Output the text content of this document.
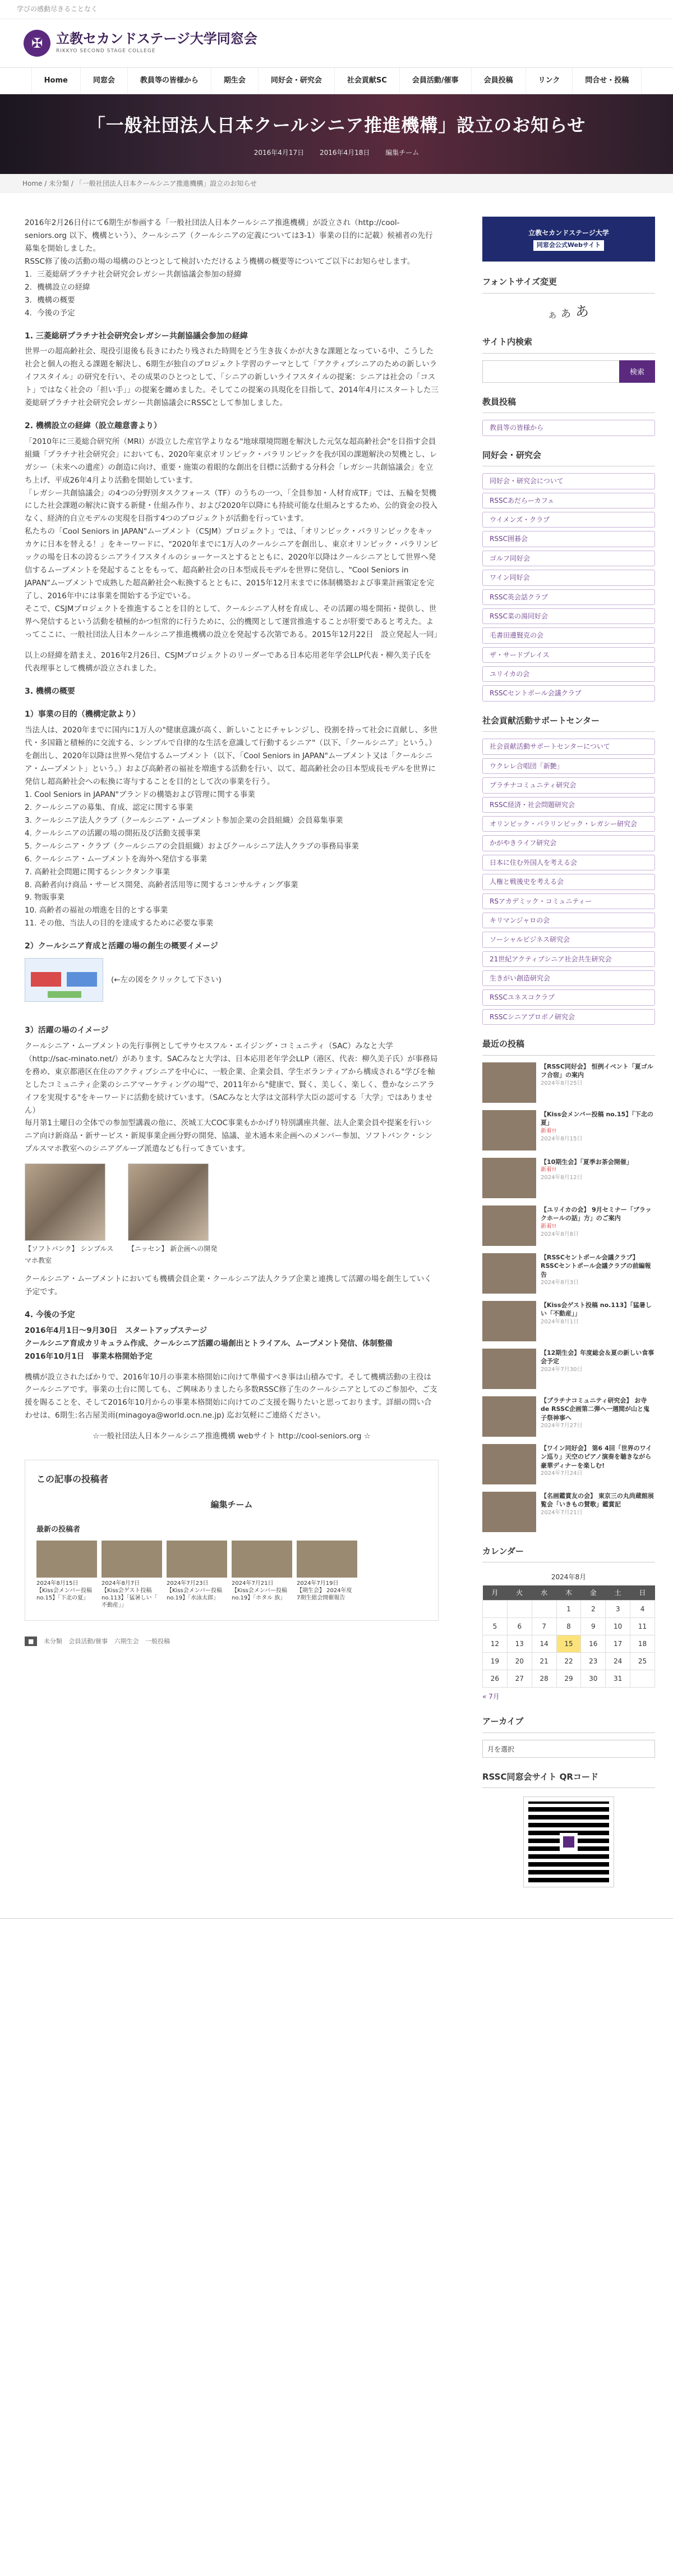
学びの感動尽きることなく
✠ 立教セカンドステージ大学同窓会
RIKKYO SECOND STAGE COLLEGE
Home	同窓会	教員等の皆様から	期生会	同好会・研究会	社会貢献SC	会員活動/催事	会員投稿	リンク	問合せ・投稿
「一般社団法人日本クールシニア推進機構」設立のお知らせ
2016年4月17日 2016年4月18日 編集チーム
Home / 未分類 / 「一般社団法人日本クールシニア推進機構」設立のお知らせ

2016年2月26日付にて6期生が参画する「一般社団法人日本クールシニア推進機構」が設立され（http://cool-seniors.org 以下、機構という）、クールシニア（クールシニアの定義については3-1）事業の目的に記載）候補者の先行募集を開始しました。
RSSC修了後の活動の場の場構のひとつとして検討いただけるよう機構の概要等についてご以下にお知らせします。
1．三菱総研プラチナ社会研究会レガシー共創協議会参加の経緯
2．機構設立の経緯
3．機構の概要
4．今後の予定

1. 三菱総研プラチナ社会研究会レガシー共創協議会参加の経緯

世界一の超高齢社会、現役引退後も長きにわたり残された時間をどう生き抜くかが大きな課題となっている中、こうした社会と個人の抱える課題を解決し、6期生が独自のプロジェクト学習のテーマとして「アクティブシニアのための新しいライフスタイル」の研究を行い、その成果のひとつとして、「シニアの新しいライフスタイルの提案：シニアは社会の「コスト」ではなく社会の「担い手」」の提案を纏めました。そしてこの提案の具現化を目指して、2014年4月にスタートした三菱総研プラチナ社会研究会レガシー共創協議会にRSSCとして参加しました。

2. 機構設立の経緯（設立趣意書より）

「2010年に三菱総合研究所（MRI）が設立した産官学よりなる"地球環境問題を解決した元気な超高齢社会"を目指す会員組織「プラチナ社会研究会」においても、2020年東京オリンピック・パラリンピックを我が国の課題解決の契機とし、レガシー（未来への遺産）の創造に向け、重要・施策の着眼的な創出を目標に活動する分科会「レガシー共創協議会」を立ち上げ、平成26年4月より活動を開始しています。
「レガシー共創協議会」の4つの分野別タスクフォース（TF）のうちの一つ、「全員参加・人材育成TF」では、五輪を契機にした社会課題の解決に資する新健・仕組み作り、および2020年以降にも持続可能な仕組みとするため、公的資金の投入なく、経済的自立モデルの実現を目指す4つのプロジェクトが活動を行っています。
私たちの「Cool Seniors in JAPAN"ムーブメント（CSJM）プロジェクト」では、「オリンピック・パラリンピックをキッカケに日本を替える！」をキーワードに、"2020年までに1万人のクールシニアを創出し、東京オリンピック・パラリンピックの場を日本の誇るシニアライフスタイルのショーケースとするとともに、2020年以降はクールシニアとして世界へ発信するムーブメントを発起することをもって、超高齢社会の日本型成長モデルを世界に発信し、"Cool Seniors in JAPAN"ムーブメントで成熟した超高齢社会へ転換するとともに、2015年12月末までに体制構築および事業計画策定を完了し、2016年中には事業を開始する予定でいる。
そこで、CSJMプロジェクトを推進することを目的として、クールシニア人材を育成し、その活躍の場を開拓・提供し、世界へ発信するという活動を積極的かつ恒常的に行うために、公的機関として運営推進することが肝要であると考えた。よってここに、一般社団法人日本クールシニア推進機構の設立を発起する次第である。2015年12月22日　設立発起人一同」

以上の経緯を踏まえ、2016年2月26日、CSJMプロジェクトのリーダーである日本応用老年学会LLP代表・柳久美子氏を代表理事として機構が設立されました。

3. 機構の概要
1）事業の目的（機構定款より）

当法人は、2020年までに国内に1万人の"健康意識が高く、新しいことにチャレンジし、役割を持って社会に貢献し、多世代・多国籍と積極的に交流する、シンプルで自律的な生活を意識して行動するシニア"（以下、「クールシニア」という。）を創出し、2020年以降は世界へ発信するムーブメント（以下、「Cool Seniors in JAPAN"ムーブメント又は「クールシニア・ムーブメント」という。）および高齢者の福祉を増進する活動を行い、以て、超高齢社会の日本型成長モデルを世界に発信し超高齢社会への転換に寄与することを目的として次の事業を行う。
1. Cool Seniors in JAPAN"ブランドの構築および管理に関する事業
2. クールシニアの募集、育成、認定に関する事業
3. クールシニア法人クラブ（クールシニア・ムーブメント参加企業の会員組織）会員募集事業
4. クールシニアの活躍の場の開拓及び活動支援事業
5. クールシニア・クラブ（クールシニアの会員組織）およびクールシニア法人クラブの事務局事業
6. クールシニア・ムーブメントを海外へ発信する事業
7. 高齢社会問題に関するシンクタンク事業
8. 高齢者向け商品・サービス開発、高齢者活用等に関するコンサルティング事業
9. 物販事業
10. 高齢者の福祉の増進を目的とする事業
11. その他、当法人の目的を達成するために必要な事業

2）クールシニア育成と活躍の場の創生の概要イメージ
(←左の図をクリックして下さい)
3）活躍の場のイメージ

クールシニア・ムーブメントの先行事例としてサウセスフル・エイジング・コミュニティ（SAC）みなと大学（http://sac-minato.net/）があります。SACみなと大学は、日本応用老年学会LLP（港区、代表：柳久美子氏）が事務局を務め、東京都港区在住のアクティブシニアを中心に、一般企業、企業会員、学生ボランティアから構成される"学びを軸としたコミュニティ企業のシニアマーケティングの場"で、2011年から"健康で、賢く、美しく、楽しく、豊かなシニアライフを実現する"をキーワードに活動を続けています。（SACみなと大学は文部科学大臣の認可する「大学」ではありません）
毎月第1土曜日の全体での参加型講義の他に、茨城工大COC事業もかかげり特別講座共催、法人企業会員や提案を行いシニア向け新商品・新サービス・新規事業企画分野の開発、協議、並木通本来企画へのメンバー参加、ソフトバンク・シンプルスマホ教室へのシニアグループ派遣なども行ってきています。

【ソフトバンク】 シンプルスマホ教室
【ニッセン】 新企画への開発

クールシニア・ムーブメントにおいても機構会員企業・クールシニア法人クラブ企業と連携して活躍の場を創生していく予定です。

4. 今後の予定

2016年4月1日～9月30日　スタートアップステージ
クールシニア育成カリキュラム作成、クールシニア活躍の場創出とトライアル、ムーブメント発信、体制整備
2016年10月1日　事業本格開始予定

機構が設立されたばかりで、2016年10月の事業本格開始に向けて準備すべき事は山積みです。そして機構活動の主役はクールシニアです。事業の土台に関しても、ご興味ありましたら多数RSSC修了生のクールシニアとしてのご参加や、ご支援を賜ることを、そして2016年10月からの事業本格開始に向けてのご支援を賜りたいと思っております。詳細の問い合わせは、6期生:名古屋美雨(minagoya@world.ocn.ne.jp) 迄お気軽にご連絡ください。

☆一般社団法人日本クールシニア推進機構 webサイト http://cool-seniors.org ☆

この記事の投稿者
編集チーム
最新の投稿者
2024年8月15日
【Kiss会メンバー投稿 no.15】「下北の夏」
2024年8月7日
【Kiss会ゲスト投稿 no.113】「猛暑しい「 不動産」」
2024年7月23日
【Kiss会メンバー投稿 no.19】「水泳太郎」
2024年7月21日
【Kiss会メンバー投稿 no.19】「ホタル 族」
2024年7月19日
【期生会】 2024年度 7期生総会開催報告
■ 未分類 会員活動/催事 六期生会 一般投稿
立教セカンドステージ大学
同窓会公式Webサイト
フォントサイズ変更
あ あ あ
サイト内検索
検索
教員投稿
教員等の皆様から
同好会・研究会
同好会・研究会について
RSSCあだらーカフェ
ウイメンズ・クラブ
RSSC囲碁会
ゴルフ同好会
ワイン同好会
RSSC英会話クラブ
RSSC菜の湯同好会
毛書田邊賢克の会
ザ・サードプレイス
ユリイカの会
RSSCセントポール会議クラブ
社会貢献活動サポートセンター
社会貢献活動サポートセンターについて
ウクレレ合唱団「新艶」
プラチナコミュニティ研究会
RSSC経済・社会問題研究会
オリンピック・パラリンピック・レガシー研究会
かがやきライフ研究会
日本に住む外国人を考える会
人権と戦後史を考える会
RSアカデミック・コミュニティー
キリマンジャロの会
ソーシャルビジネス研究会
21世紀アクティブシニア社会共生研究会
生きがい創造研究会
RSSCユネスコクラブ
RSSCシニアプロボノ研究会
最近の投稿
【RSSC同好会】 恒例イベント「夏ゴルフ合宿」の案内
2024年8月25日
【Kiss会メンバー投稿 no.15】「下北の夏」
新着!!
2024年8月15日
【10期生会】「夏季お茶会開催」
新着!!
2024年8月12日
【ユリイカの会】 9月セミナー「ブラックホールの話」方」のご案内
新着!!
2024年8月8日
【RSSCセントポール会議クラブ】 RSSCセントポール会議クラブの前編報告
2024年8月3日
【Kiss会ゲスト投稿 no.113】「猛暑しい「不動産」」
2024年8月1日
【12期生会】年度総会＆夏の新しい食事会予定
2024年7月30日
【プラチナコミュニティ研究会】 お寺de RSSC企画第二弾へ一週間が山と鬼子祭神事へ
2024年7月27日
【ワイン同好会】 第6 4回「世界のワイン巡り」天空のピアノ演奏を聴きながら豪華ディナーを楽しむ!
2024年7月24日
【名画鑑賞友の会】 東京三の丸尚蔵館展覧会「いきもの賛歌」鑑賞記
2024年7月21日
カレンダー
2024年8月
月	火	水	木	金	土	日
			1	2	3	4
5	6	7	8	9	10	11
12	13	14	15	16	17	18
19	20	21	22	23	24	25
26	27	28	29	30	31	
« 7月
アーカイブ
月を選択
RSSC同窓会サイト QRコード
